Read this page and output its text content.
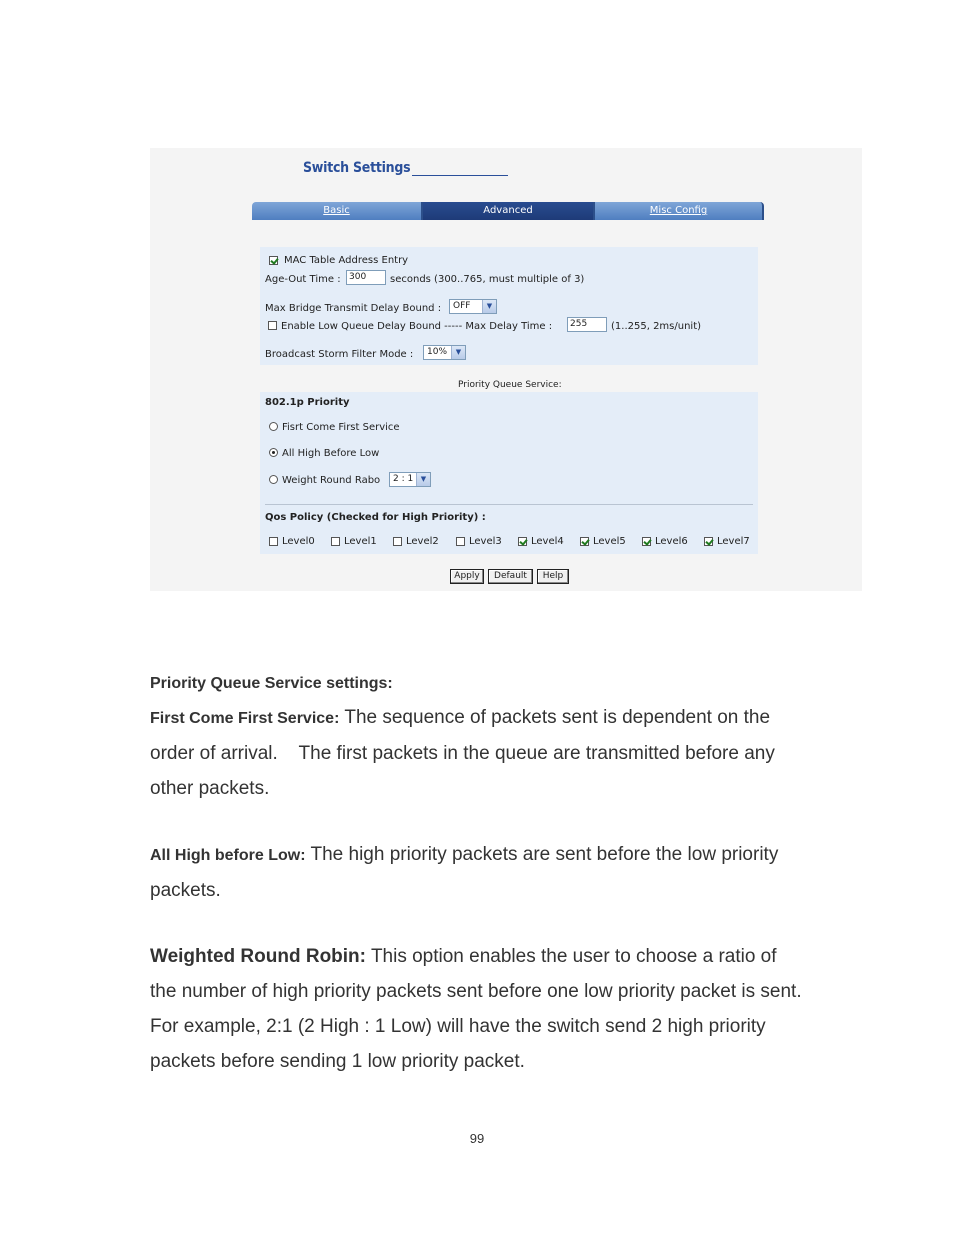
Switch Settings
Basic	Advanced	Misc Config
MAC Table Address Entry
Age-Out Time : 300	seconds (300..765, must multiple of 3)
Max Bridge Transmit Delay Bound :	OFF	▼
Enable Low Queue Delay Bound ----- Max Delay Time :	255	(1..255, 2ms/unit)
Broadcast Storm Filter Mode :	10%	▼
Priority Queue Service:
802.1p Priority
Fisrt Come First Service
All High Before Low
Weight Round Rabo	2 : 1	▼
Qos Policy (Checked for High Priority) :
Apply	Default	Help
Level0	Level1	Level2	Level3	Level4	Level5	Level6	Level7
Priority Queue Service settings:
First Come First Service: The sequence of packets sent is dependent on the
order of arrival.    The first packets in the queue are transmitted before any
other packets.
All High before Low: The high priority packets are sent before the low priority
packets.
Weighted Round Robin: This option enables the user to choose a ratio of
the number of high priority packets sent before one low priority packet is sent.
For example, 2:1 (2 High : 1 Low) will have the switch send 2 high priority
packets before sending 1 low priority packet.
99
